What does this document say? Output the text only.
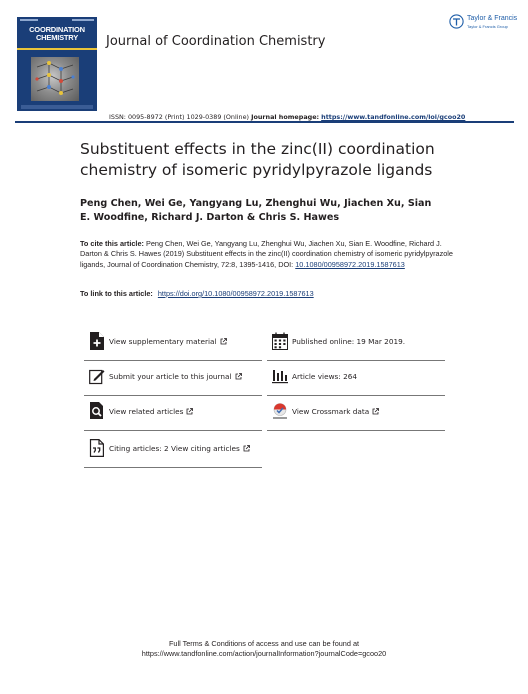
COORDINATION
CHEMISTRY	Journal of Coordination Chemistry
Taylor & Francis
Taylor & Francis Group
ISSN: 0095-8972 (Print) 1029-0389 (Online) Journal homepage: https://www.tandfonline.com/loi/gcoo20
Substituent effects in the zinc(II) coordination chemistry of isomeric pyridylpyrazole ligands
Peng Chen, Wei Ge, Yangyang Lu, Zhenghui Wu, Jiachen Xu, Sian E. Woodfine, Richard J. Darton & Chris S. Hawes
To cite this article: Peng Chen, Wei Ge, Yangyang Lu, Zhenghui Wu, Jiachen Xu, Sian E. Woodfine, Richard J. Darton & Chris S. Hawes (2019) Substituent effects in the zinc(II) coordination chemistry of isomeric pyridylpyrazole ligands, Journal of Coordination Chemistry, 72:8, 1395-1416, DOI: 10.1080/00958972.2019.1587613
To link to this article: https://doi.org/10.1080/00958972.2019.1587613
View supplementary material	Published online: 19 Mar 2019.
Submit your article to this journal	Article views: 264
View related articles	View Crossmark data
Citing articles: 2 View citing articles
Full Terms & Conditions of access and use can be found at
https://www.tandfonline.com/action/journalInformation?journalCode=gcoo20
